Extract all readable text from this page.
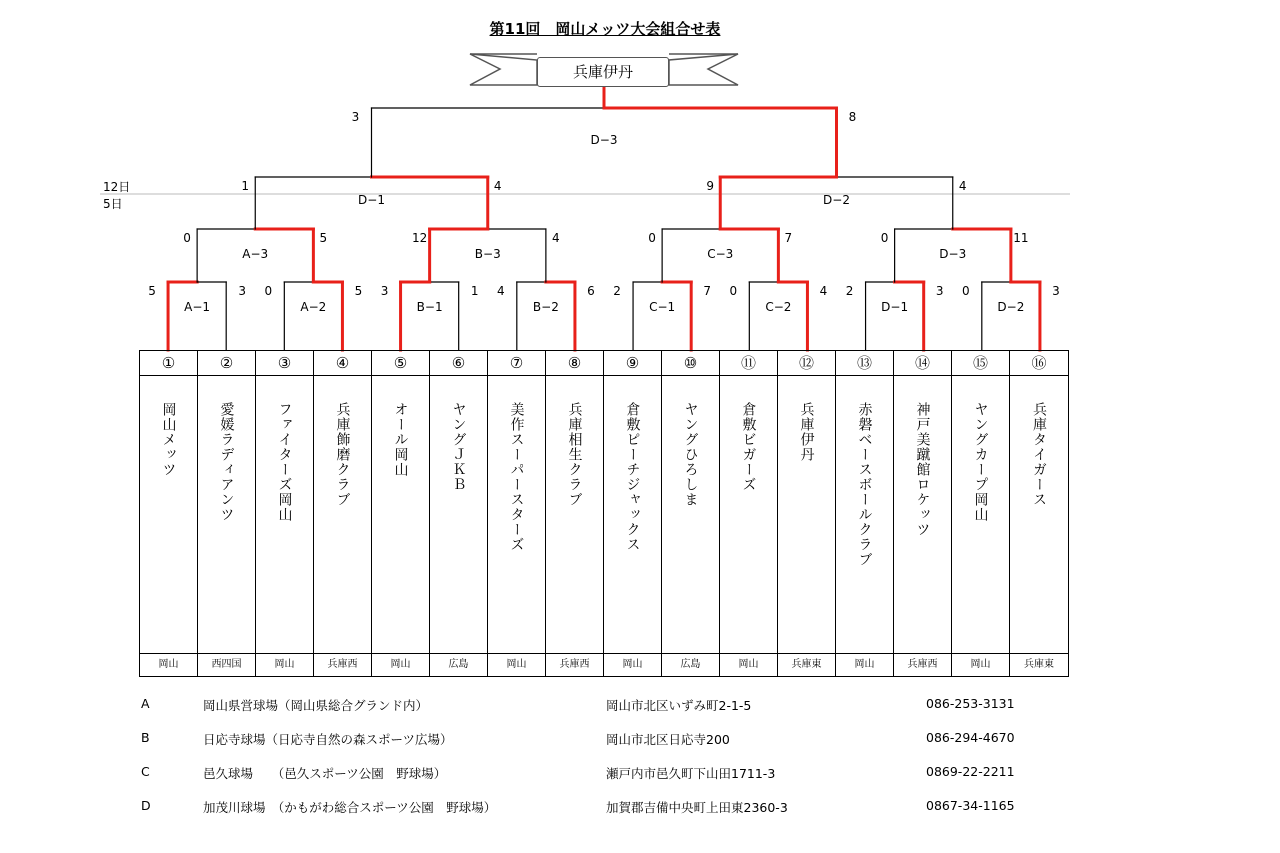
第11回　岡山メッツ大会組合せ表
兵庫伊丹
12日
5日
5	3
A−1
0	5
A−2
3	1
B−1
4	6
B−2
2	7
C−1
0	4
C−2
2	3
D−1
0	3
D−2
0	5
A−3
12	4
B−3
0	7
C−3
0	11
D−3
1	4
D−1
9	4
D−2
3	8
D−3
①
岡山メッツ
岡山
②
愛媛ラディアンツ
西四国
③
ファイターズ岡山
岡山
④
兵庫飾磨クラブ
兵庫西
⑤
オール岡山
岡山
⑥
ヤングＪＫＢ
広島
⑦
美作スーパースターズ
岡山
⑧
兵庫相生クラブ
兵庫西
⑨
倉敷ピーチジャックス
岡山
⑩
ヤングひろしま
広島
⑪
倉敷ビガーズ
岡山
⑫
兵庫伊丹
兵庫東
⑬
赤磐ベースボールクラブ
岡山
⑭
神戸美蹴館ロケッツ
兵庫西
⑮
ヤングカープ岡山
岡山
⑯
兵庫タイガース
兵庫東
A	岡山県営球場（岡山県総合グランド内）	岡山市北区いずみ町2-1-5	086-253-3131
B	日応寺球場（日応寺自然の森スポーツ広場）	岡山市北区日応寺200	086-294-4670
C	邑久球場　　（邑久スポーツ公園　野球場）	瀬戸内市邑久町下山田1711-3	0869-22-2211
D	加茂川球場　（かもがわ総合スポーツ公園　野球場）	加賀郡吉備中央町上田東2360-3	0867-34-1165
